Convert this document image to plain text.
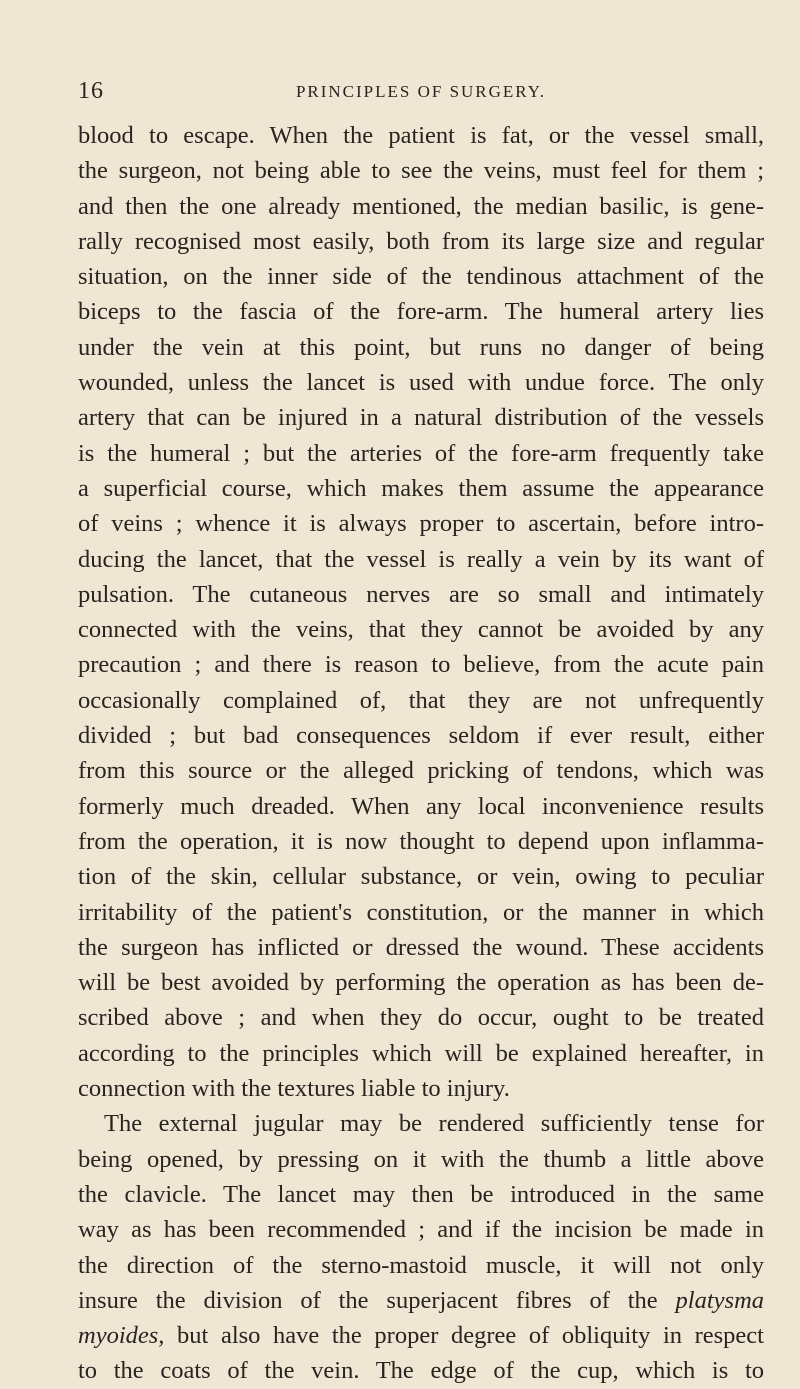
16	PRINCIPLES OF SURGERY.
blood to escape. When the patient is fat, or the vessel small,
the surgeon, not being able to see the veins, must feel for them ;
and then the one already mentioned, the median basilic, is gene-
rally recognised most easily, both from its large size and regular
situation, on the inner side of the tendinous attachment of the
biceps to the fascia of the fore-arm. The humeral artery lies
under the vein at this point, but runs no danger of being
wounded, unless the lancet is used with undue force. The only
artery that can be injured in a natural distribution of the vessels
is the humeral ; but the arteries of the fore-arm frequently take
a superficial course, which makes them assume the appearance
of veins ; whence it is always proper to ascertain, before intro-
ducing the lancet, that the vessel is really a vein by its want of
pulsation. The cutaneous nerves are so small and intimately
connected with the veins, that they cannot be avoided by any
precaution ; and there is reason to believe, from the acute pain
occasionally complained of, that they are not unfrequently
divided ; but bad consequences seldom if ever result, either
from this source or the alleged pricking of tendons, which was
formerly much dreaded. When any local inconvenience results
from the operation, it is now thought to depend upon inflamma-
tion of the skin, cellular substance, or vein, owing to peculiar
irritability of the patient's constitution, or the manner in which
the surgeon has inflicted or dressed the wound. These accidents
will be best avoided by performing the operation as has been de-
scribed above ; and when they do occur, ought to be treated
according to the principles which will be explained hereafter, in
connection with the textures liable to injury.
The external jugular may be rendered sufficiently tense for
being opened, by pressing on it with the thumb a little above
the clavicle. The lancet may then be introduced in the same
way as has been recommended ; and if the incision be made in
the direction of the sterno-mastoid muscle, it will not only
insure the division of the superjacent fibres of the platysma
myoides, but also have the proper degree of obliquity in respect
to the coats of the vein. The edge of the cup, which is to
